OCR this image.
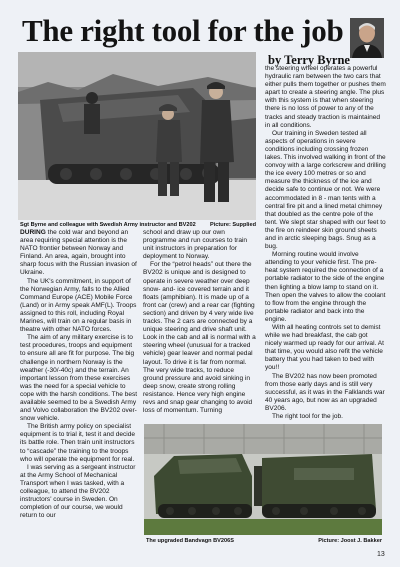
The right tool for the job
by Terry Byrne
Sgt Byrne and colleague with Swedish Army instructor and BV202	Picture: Supplied

DURING the cold war and beyond an area requiring special attention is the NATO frontier between Norway and Finland. An area, again, brought into sharp focus with the Russian invasion of Ukraine.

The UK's commitment, in support of the Norwegian Army, falls to the Allied Command Europe (ACE) Mobile Force (Land) or in Army speak AMF(L). Troops assigned to this roll, including Royal Marines, will train on a regular basis in theatre with other NATO forces.

The aim of any military exercise is to test procedures, troops and equipment to ensure all are fit for purpose. The big challenge in northern Norway is the weather (-30/-40c) and the terrain. An important lesson from these exercises was the need for a special vehicle to cope with the harsh conditions. The best available seemed to be a Swedish Army and Volvo collaboration the BV202 over-snow vehicle.

The British army policy on specialist equipment is to trial it, test it and decide its battle role. Then train unit instructors to “cascade” the training to the troops who will operate the equipment for real.

I was serving as a sergeant instructor at the Army School of Mechanical Transport when I was tasked, with a colleague, to attend the BV202 instructors' course in Sweden. On completion of our course, we would return to our

school and draw up our own programme and run courses to train unit instructors in preparation for deployment to Norway.

For the “petrol heads” out there the BV202 is unique and is designed to operate in severe weather over deep snow- and- ice covered terrain and it floats (amphibian). It is made up of a front car (crew) and a rear car (fighting section) and driven by 4 very wide live tracks. The 2 cars are connected by a unique steering and drive shaft unit. Look in the cab and all is normal with a steering wheel (unusual for a tracked vehicle) gear leaver and normal pedal layout. To drive it is far from normal. The very wide tracks, to reduce ground pressure and avoid sinking in deep snow, create strong rolling resistance. Hence very high engine revs and snap gear changing to avoid loss of momentum. Turning

the steering wheel operates a powerful hydraulic ram between the two cars that either pulls them together or pushes them apart to create a steering angle. The plus with this system is that when steering there is no loss of power to any of the tracks and steady traction is maintained in all conditions.

Our training in Sweden tested all aspects of operations in severe conditions including crossing frozen lakes. This involved walking in front of the convoy with a large corkscrew and drilling the ice every 100 metres or so and measure the thickness of the ice and decide safe to continue or not. We were accommodated in 8 - man tents with a central fire pit and a lined metal chimney that doubled as the centre pole of the tent. We slept star shaped with our feet to the fire on reindeer skin ground sheets and in arctic sleeping bags. Snug as a bug.

Morning routine would involve attending to your vehicle first. The pre-heat system required the connection of a portable radiator to the side of the engine then lighting a blow lamp to stand on it. Then open the valves to allow the coolant to flow from the engine through the portable radiator and back into the engine.

With all heating controls set to demist while we had breakfast, the cab got nicely warmed up ready for our arrival. At that time, you would also refit the vehicle battery that you had taken to bed with you!!

The BV202 has now been promoted from those early days and is still very successful, as it was in the Falklands war 40 years ago, but now as an upgraded BV206.

The right tool for the job.

The upgraded Bandvagn BV206S	Picture: Joost J. Bakker
13
